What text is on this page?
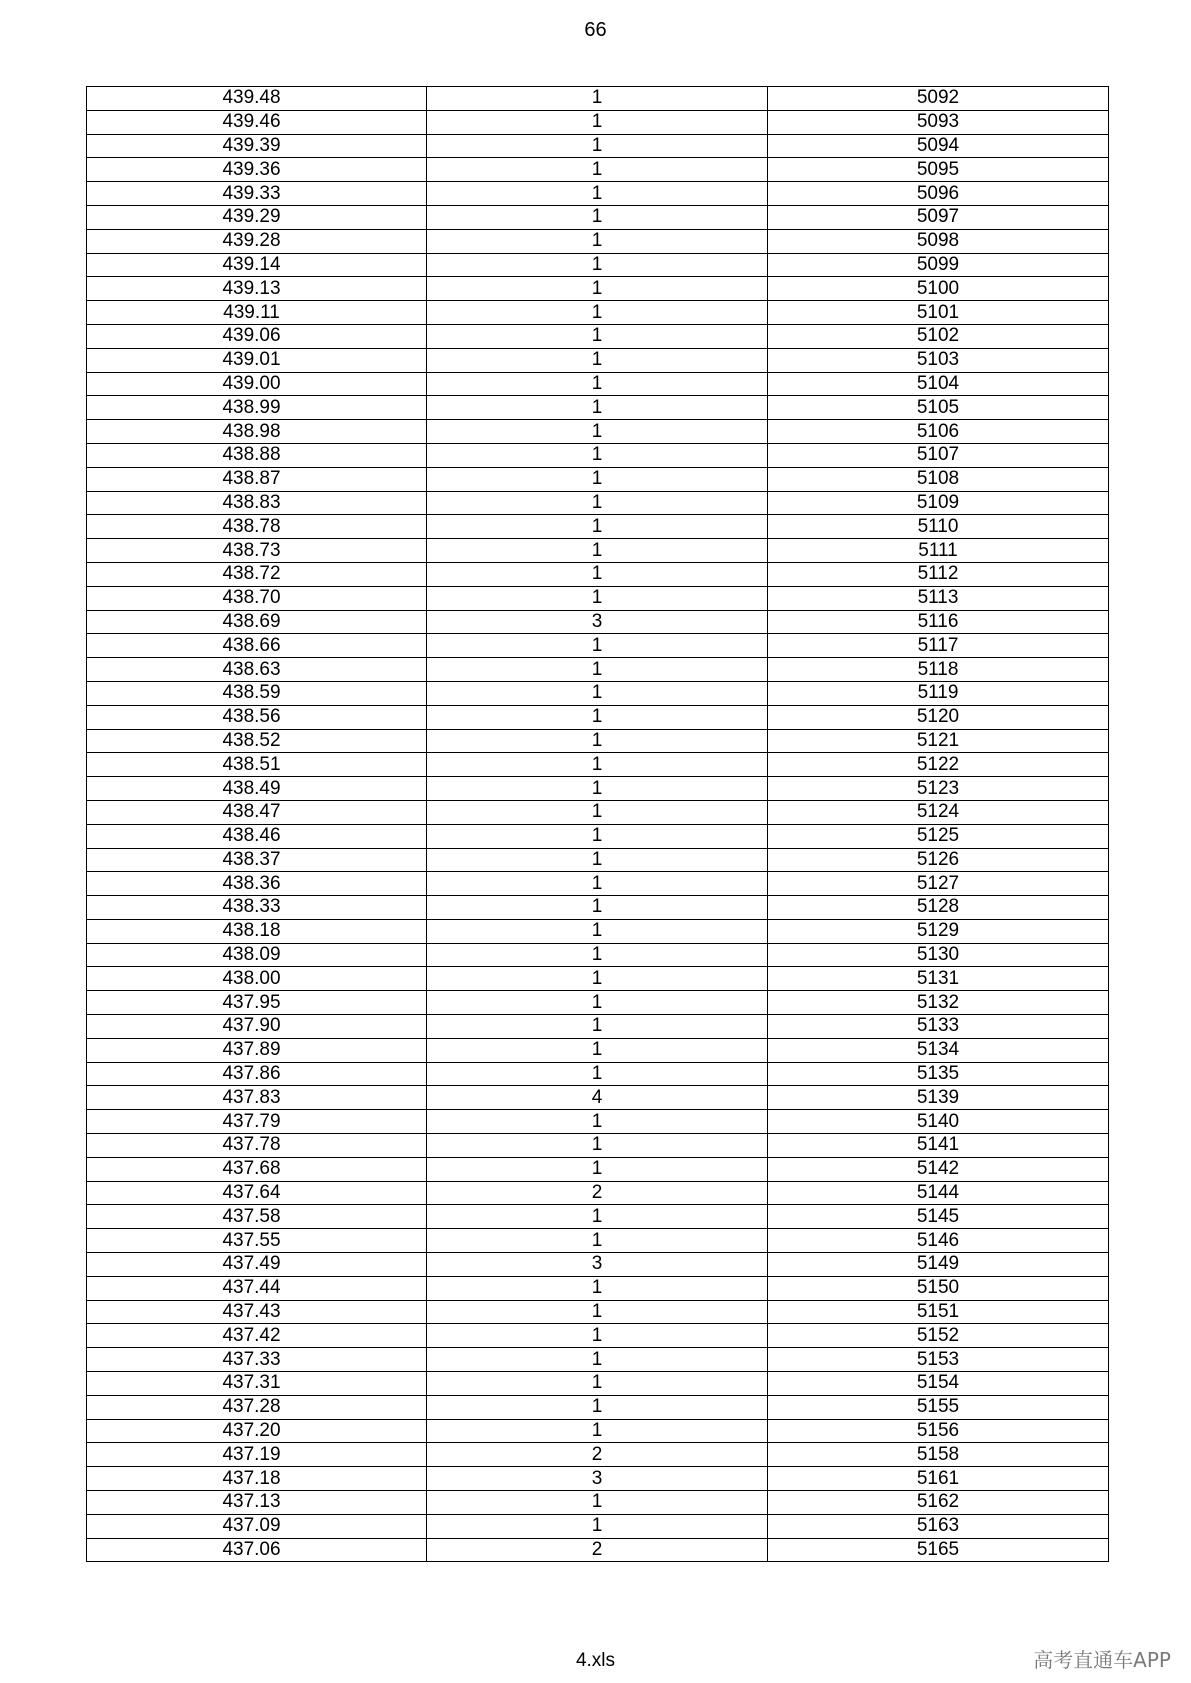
66
439.48	1	5092
439.46	1	5093
439.39	1	5094
439.36	1	5095
439.33	1	5096
439.29	1	5097
439.28	1	5098
439.14	1	5099
439.13	1	5100
439.11	1	5101
439.06	1	5102
439.01	1	5103
439.00	1	5104
438.99	1	5105
438.98	1	5106
438.88	1	5107
438.87	1	5108
438.83	1	5109
438.78	1	5110
438.73	1	5111
438.72	1	5112
438.70	1	5113
438.69	3	5116
438.66	1	5117
438.63	1	5118
438.59	1	5119
438.56	1	5120
438.52	1	5121
438.51	1	5122
438.49	1	5123
438.47	1	5124
438.46	1	5125
438.37	1	5126
438.36	1	5127
438.33	1	5128
438.18	1	5129
438.09	1	5130
438.00	1	5131
437.95	1	5132
437.90	1	5133
437.89	1	5134
437.86	1	5135
437.83	4	5139
437.79	1	5140
437.78	1	5141
437.68	1	5142
437.64	2	5144
437.58	1	5145
437.55	1	5146
437.49	3	5149
437.44	1	5150
437.43	1	5151
437.42	1	5152
437.33	1	5153
437.31	1	5154
437.28	1	5155
437.20	1	5156
437.19	2	5158
437.18	3	5161
437.13	1	5162
437.09	1	5163
437.06	2	5165
4.xls	高考直通车APP
